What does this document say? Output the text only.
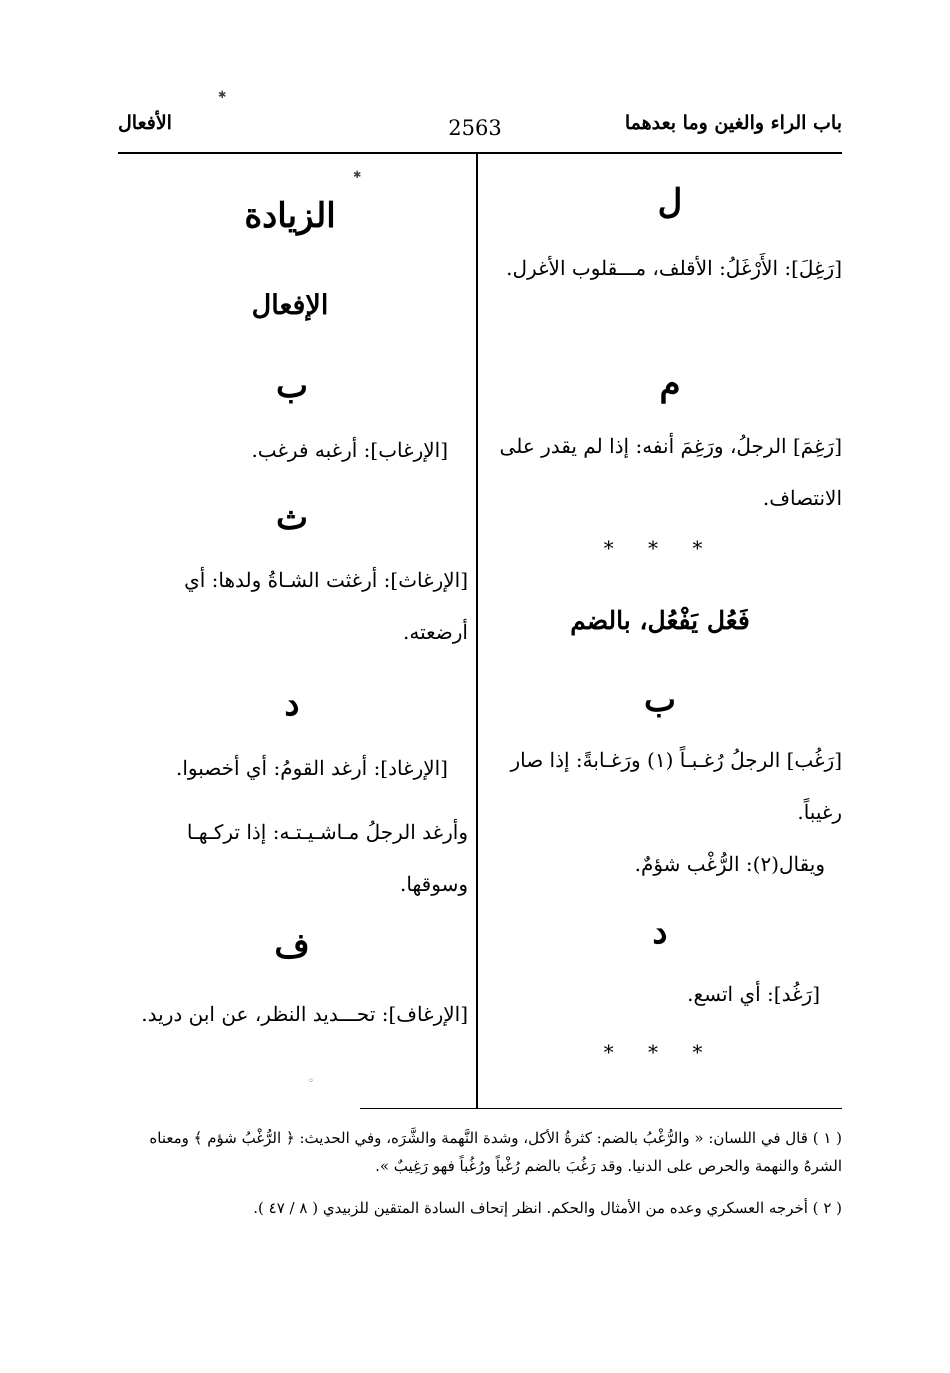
باب الراء والغين وما بعدهما
2563
الأفعال
✱
✱
ل
[رَغِلَ]: الأَرْغَلُ: الأقلف، مـــقلوب الأغرل.
م
[رَغِمَ] الرجلُ، ورَغِمَ أنفه: إذا لم يقدر على الانتصاف.
* * *
فَعُل يَفْعُل، بالضم
ب
[رَغُب] الرجلُ رُغـبـاً (١) ورَغـابةً: إذا صار رغيباً.
ويقال(٢): الرُّغْب شؤمٌ.
د
[رَغُد]: أي اتسع.
* * *
الزيادة
الإفعال
ب
[الإرغاب]: أرغبه فرغب.
ث
[الإرغاث]: أرغثت الشـاةُ ولدها: أي أرضعته.
د
[الإرغاد]: أرغد القومُ: أي أخصبوا.
وأرغد الرجلُ مـاشـيـتـه: إذا تركـهـا وسوقها.
ف
[الإرغاف]: تحـــديد النظر، عن ابن دريد.
◦
( ١ ) قال في اللسان: « والرُّغْبُ بالضم: كثرةُ الأكل، وشدة النَّهمة والشَّرَه، وفي الحديث: ﴿ الرُّغْبُ شؤم ﴾ ومعناه الشرهُ والنهمة والحرص على الدنيا. وقد رَغُبَ بالضم رُغْباً ورُغُباً فهو رَغِيبٌ ».
( ٢ ) أخرجه العسكري وعده من الأمثال والحكم. انظر إتحاف السادة المتقين للزبيدي ( ٨ / ٤٧ ).
